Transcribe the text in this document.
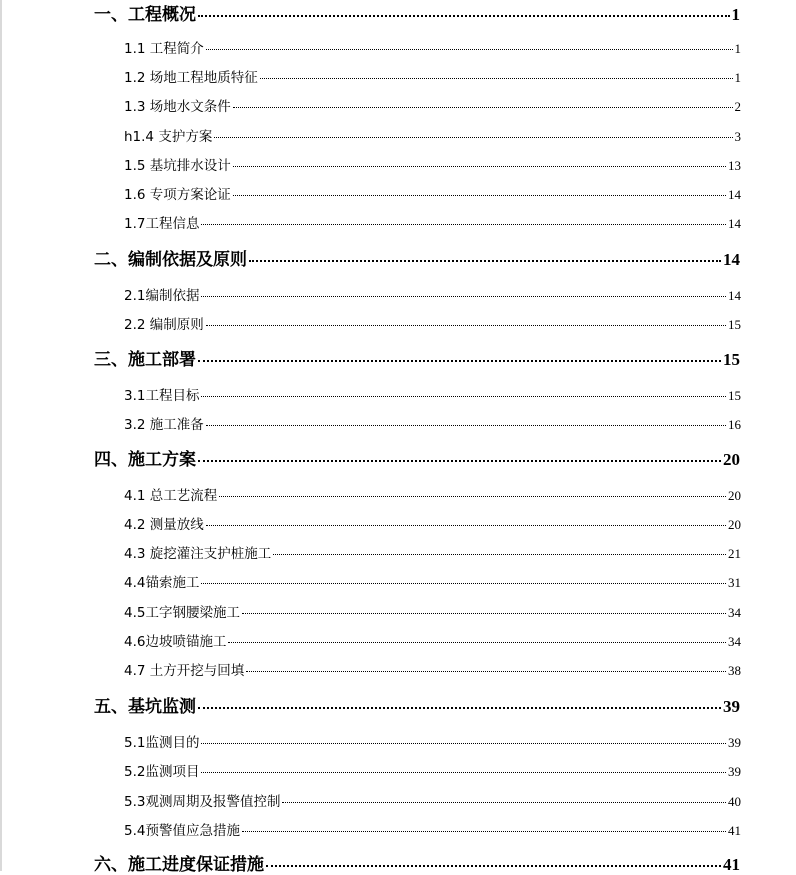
一、工程概况	1
1.1 工程简介	1
1.2 场地工程地质特征	1
1.3 场地水文条件	2
h1.4 支护方案	3
1.5 基坑排水设计	13
1.6 专项方案论证	14
1.7工程信息	14
二、编制依据及原则	14
2.1编制依据	14
2.2 编制原则	15
三、施工部署	15
3.1工程目标	15
3.2 施工准备	16
四、施工方案	20
4.1 总工艺流程	20
4.2 测量放线	20
4.3 旋挖灌注支护桩施工	21
4.4锚索施工	31
4.5工字钢腰梁施工	34
4.6边坡喷锚施工	34
4.7 土方开挖与回填	38
五、基坑监测	39
5.1监测目的	39
5.2监测项目	39
5.3观测周期及报警值控制	40
5.4预警值应急措施	41
六、施工进度保证措施	41
